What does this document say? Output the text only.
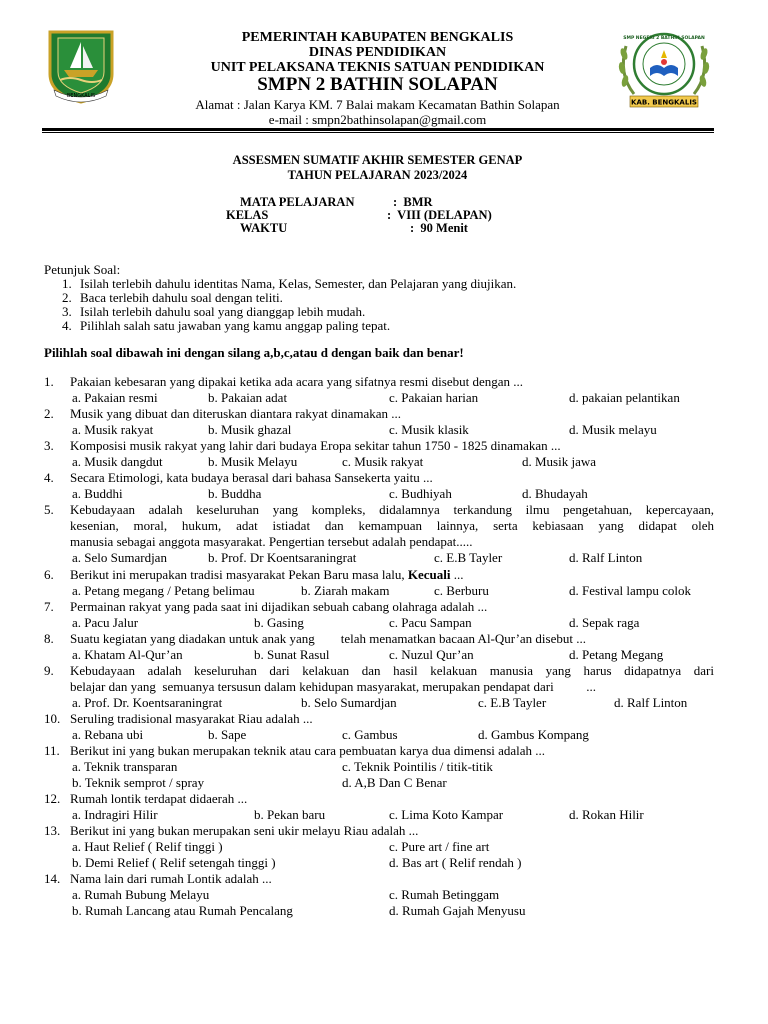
BENGKALIS
SMP NEGERI 2 BATHIN SOLAPAN
KAB. BENGKALIS
PEMERINTAH KABUPATEN BENGKALIS
DINAS PENDIDIKAN
UNIT PELAKSANA TEKNIS SATUAN PENDIDIKAN
SMPN 2 BATHIN SOLAPAN
Alamat : Jalan Karya KM. 7 Balai makam Kecamatan Bathin Solapan
e-mail : smpn2bathinsolapan@gmail.com
ASSESMEN SUMATIF AKHIR SEMESTER GENAP
TAHUN PELAJARAN 2023/2024
MATA PELAJARAN	:  BMR
KELAS	:  VIII (DELAPAN)
WAKTU	:  90 Menit
Petunjuk Soal:
1. Isilah terlebih dahulu identitas Nama, Kelas, Semester, dan Pelajaran yang diujikan.
2. Baca terlebih dahulu soal dengan teliti.
3. Isilah terlebih dahulu soal yang dianggap lebih mudah.
4. Pilihlah salah satu jawaban yang kamu anggap paling tepat.
Pilihlah soal dibawah ini dengan silang a,b,c,atau d dengan baik dan benar!
1. Pakaian kebesaran yang dipakai ketika ada acara yang sifatnya resmi disebut dengan ...
a. Pakaian resmi	b. Pakaian adat	c. Pakaian harian	d. pakaian pelantikan
2. Musik yang dibuat dan diteruskan diantara rakyat dinamakan ...
a. Musik rakyat	b. Musik ghazal	c. Musik klasik	d. Musik melayu
3. Komposisi musik rakyat yang lahir dari budaya Eropa sekitar tahun 1750 - 1825 dinamakan ...
a. Musik dangdut	b. Musik Melayu	c. Musik rakyat	d. Musik jawa
4. Secara Etimologi, kata budaya berasal dari bahasa Sansekerta yaitu ...
a. Buddhi	b. Buddha	c. Budhiyah	d. Bhudayah
5. Kebudayaan adalah keseluruhan yang kompleks, didalamnya terkandung ilmu pengetahuan, kepercayaan,
kesenian, moral, hukum, adat istiadat dan kemampuan lainnya, serta kebiasaan yang didapat oleh
manusia sebagai anggota masyarakat. Pengertian tersebut adalah pendapat.....
a. Selo Sumardjan	b. Prof. Dr Koentsaraningrat	c. E.B Tayler	d. Ralf Linton
6. Berikut ini merupakan tradisi masyarakat Pekan Baru masa lalu, Kecuali ...
a. Petang megang / Petang belimau	b. Ziarah makam	c. Berburu	d. Festival lampu colok
7. Permainan rakyat yang pada saat ini dijadikan sebuah cabang olahraga adalah ...
a. Pacu Jalur	b. Gasing	c. Pacu Sampan	d. Sepak raga
8. Suatu kegiatan yang diadakan untuk anak yang        telah menamatkan bacaan Al-Qur’an disebut ...
a. Khatam Al-Qur’an	b. Sunat Rasul	c. Nuzul Qur’an	d. Petang Megang
9. Kebudayaan adalah keseluruhan dari kelakuan dan hasil kelakuan manusia yang harus didapatnya dari
belajar dan yang  semuanya tersusun dalam kehidupan masyarakat, merupakan pendapat dari          ...
a. Prof. Dr. Koentsaraningrat	b. Selo Sumardjan	c. E.B Tayler	d. Ralf Linton
10. Seruling tradisional masyarakat Riau adalah ...
a. Rebana ubi	b. Sape	c. Gambus	d. Gambus Kompang
11. Berikut ini yang bukan merupakan teknik atau cara pembuatan karya dua dimensi adalah ...
a. Teknik transparan	c. Teknik Pointilis / titik-titik
b. Teknik semprot / spray	d. A,B Dan C Benar
12. Rumah lontik terdapat didaerah ...
a. Indragiri Hilir	b. Pekan baru	c. Lima Koto Kampar	d. Rokan Hilir
13. Berikut ini yang bukan merupakan seni ukir melayu Riau adalah ...
a. Haut Relief ( Relif tinggi )	c. Pure art / fine art
b. Demi Relief ( Relif setengah tinggi )	d. Bas art ( Relif rendah )
14. Nama lain dari rumah Lontik adalah ...
a. Rumah Bubung Melayu	c. Rumah Betinggam
b. Rumah Lancang atau Rumah Pencalang	d. Rumah Gajah Menyusu
